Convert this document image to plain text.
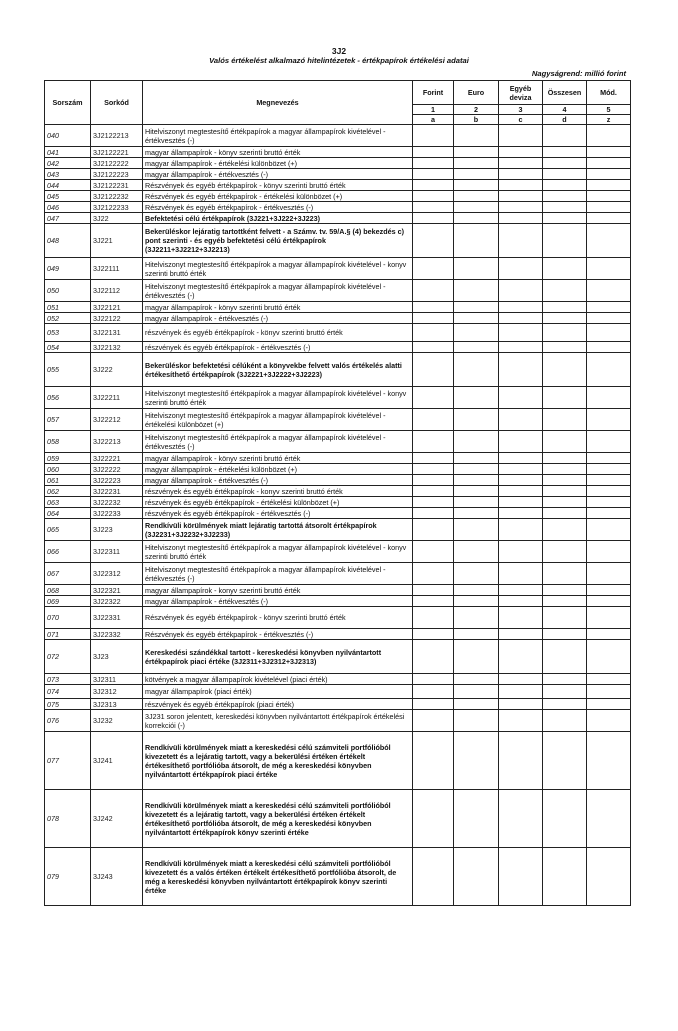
3J2
Valós értékelést alkalmazó hitelintézetek - értékpapírok értékelési adatai
Nagyságrend: millió forint
Sorszám	Sorkód	Megnevezés	Forint	Euro	Egyéb deviza	Összesen	Mód.
			1	2	3	4	5
			a	b	c	d	z
040	3J2122213	Hitelviszonyt megtestesítő értékpapírok a magyar állampapírok kivételével - értékvesztés (-)					
041	3J2122221	magyar állampapírok - könyv szerinti bruttó érték					
042	3J2122222	magyar állampapírok - értékelési különbözet (+)					
043	3J2122223	magyar állampapírok - értékvesztés (-)					
044	3J2122231	Részvények és egyéb értékpapírok - könyv szerinti bruttó érték					
045	3J2122232	Részvények és egyéb értékpapírok - értékelési különbözet (+)					
046	3J2122233	Részvények és egyéb értékpapírok - értékvesztés (-)					
047	3J22	Befektetési célú értékpapírok (3J221+3J222+3J223)					
048	3J221	Bekerüléskor lejáratig tartottként felvett - a Számv. tv. 59/A.§ (4) bekezdés c) pont szerinti - és egyéb befektetési célú értékpapírok (3J2211+3J2212+3J2213)					
049	3J22111	Hitelviszonyt megtestesítő értékpapírok a magyar állampapírok kivételével - konyv szerinti bruttó érték					
050	3J22112	Hitelviszonyt megtestesítő értékpapírok a magyar állampapírok kivételével - értékvesztés (-)					
051	3J22121	magyar állampapírok - könyv szerinti bruttó érték					
052	3J22122	magyar állampapírok - értékvesztés (-)					
053	3J22131	részvények és egyéb értékpapírok - könyv szerinti bruttó érték					
054	3J22132	részvények és egyéb értékpapírok - értékvesztés (-)					
055	3J222	Bekerüléskor befektetési célúként a könyvekbe felvett valós értékelés alatti értékesíthető értékpapírok (3J2221+3J2222+3J2223)					
056	3J22211	Hitelviszonyt megtestesítő értékpapírok a magyar állampapírok kivételével - konyv szerinti bruttó érték					
057	3J22212	Hitelviszonyt megtestesítő értékpapírok a magyar állampapírok kivételével - értékelési különbözet (+)					
058	3J22213	Hitelviszonyt megtestesítő értékpapírok a magyar állampapírok kivételével - értékvesztés (-)					
059	3J22221	magyar állampapírok - könyv szerinti bruttó érték					
060	3J22222	magyar állampapírok - értékelési különbözet (+)					
061	3J22223	magyar állampapírok - értékvesztés (-)					
062	3J22231	részvények és egyéb értékpapírok - konyv szerinti bruttó érték					
063	3J22232	részvények és egyéb értékpapírok - értékelési különbözet (+)					
064	3J22233	részvények és egyéb értékpapírok - értékvesztés (-)					
065	3J223	Rendkívüli körülmények miatt lejáratig tartottá átsorolt értékpapírok (3J2231+3J2232+3J2233)					
066	3J22311	Hitelviszonyt megtestesítő értékpapírok a magyar állampapírok kivételével - konyv szerinti bruttó érték					
067	3J22312	Hitelviszonyt megtestesítő értékpapírok a magyar állampapírok kivételével - értékvesztés (-)					
068	3J22321	magyar állampapírok - konyv szerinti bruttó érték					
069	3J22322	magyar állampapírok - értékvesztés (-)					
070	3J22331	Részvények és egyéb értékpapírok - könyv szerinti bruttó érték					
071	3J22332	Részvények és egyéb értékpapírok - értékvesztés (-)					
072	3J23	Kereskedési szándékkal tartott - kereskedési könyvben nyilvántartott értékpapírok piaci értéke (3J2311+3J2312+3J2313)					
073	3J2311	kötvények a magyar állampapírok kivételével (piaci érték)					
074	3J2312	magyar állampapírok (piaci érték)					
075	3J2313	részvények és egyéb értékpapírok (piaci érték)					
076	3J232	3J231 soron jelentett, kereskedési könyvben nyilvántartott értékpapírok értékelési korrekciói (-)					
077	3J241	Rendkívüli körülmények miatt a kereskedési célú számviteli portfólióból kivezetett és a lejáratig tartott, vagy a bekerülési értéken értékelt értékesíthető portfólióba átsorolt, de még a kereskedési könyvben nyilvántartott értékpapírok piaci értéke					
078	3J242	Rendkívüli körülmények miatt a kereskedési célú számviteli portfólióból kivezetett és a lejáratig tartott, vagy a bekerülési értéken értékelt értékesíthető portfólióba átsorolt, de még a kereskedési könyvben nyilvántartott értékpapírok könyv szerinti értéke					
079	3J243	Rendkívüli körülmények miatt a kereskedési célú számviteli portfólióból kivezetett és a valós értéken értékelt értékesíthető portfólióba átsorolt, de még a kereskedési könyvben nyilvántartott értékpapírok könyv szerinti értéke					
